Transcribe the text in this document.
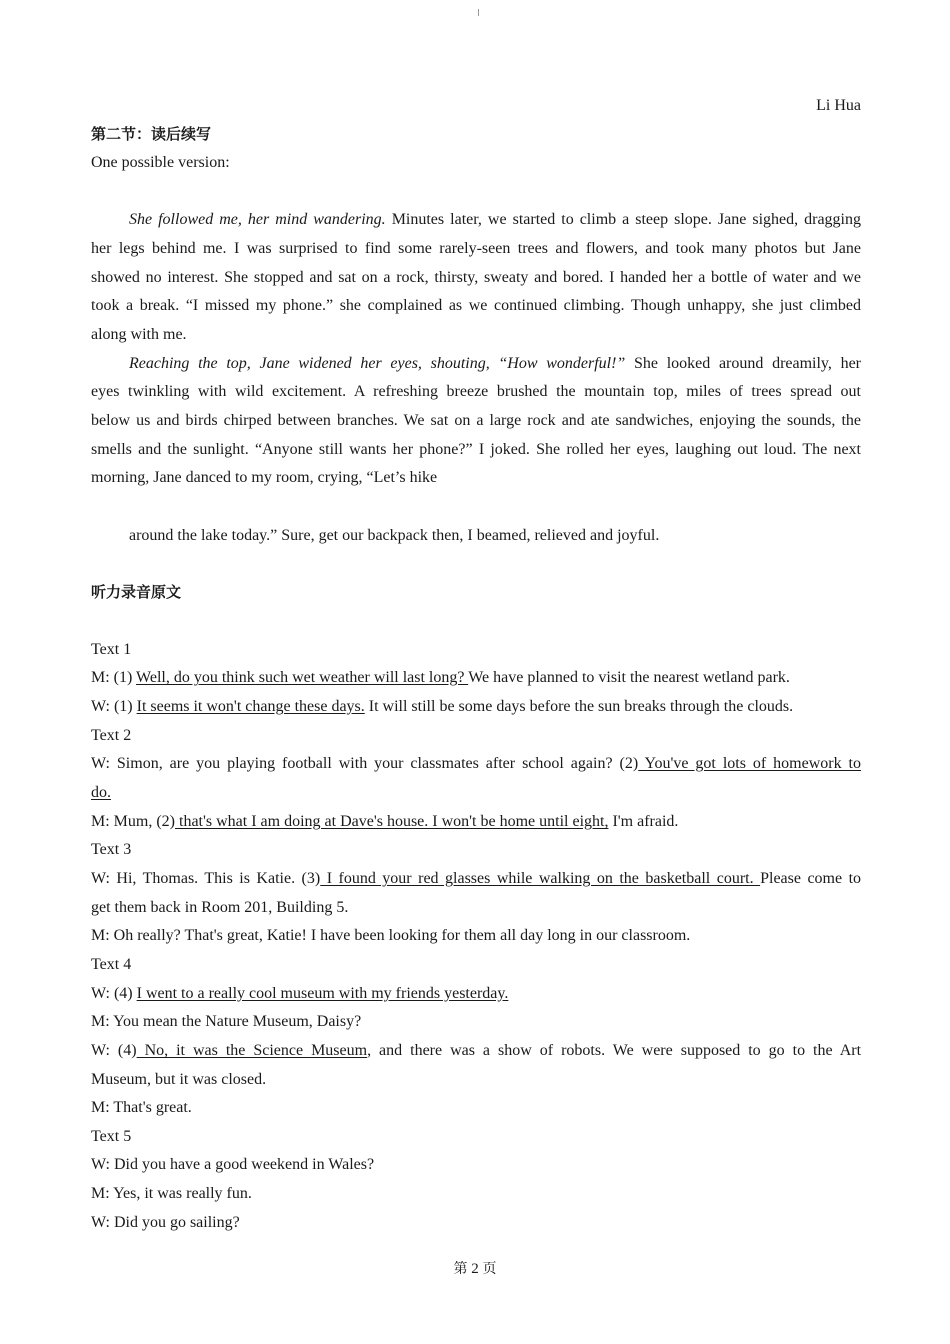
Li Hua
第二节：读后续写
One possible version:
She followed me, her mind wandering. Minutes later, we started to climb a steep slope. Jane sighed, dragging
her legs behind me. I was surprised to find some rarely-seen trees and flowers, and took many photos but Jane
showed no interest. She stopped and sat on a rock, thirsty, sweaty and bored. I handed her a bottle of water and we
took a break. “I missed my phone.” she complained as we continued climbing. Though unhappy, she just climbed
along with me.
Reaching the top, Jane widened her eyes, shouting, “How wonderful!” She looked around dreamily, her
eyes twinkling with wild excitement. A refreshing breeze brushed the mountain top, miles of trees spread out
below us and birds chirped between branches. We sat on a large rock and ate sandwiches, enjoying the sounds, the
smells and the sunlight. “Anyone still wants her phone?” I joked. She rolled her eyes, laughing out loud. The next
morning, Jane danced to my room, crying, “Let’s hike
around the lake today.” Sure, get our backpack then, I beamed, relieved and joyful.
听力录音原文
Text 1
M: (1) Well, do you think such wet weather will last long? We have planned to visit the nearest wetland park.
W: (1) It seems it won't change these days. It will still be some days before the sun breaks through the clouds.
Text 2
W: Simon, are you playing football with your classmates after school again? (2) You've got lots of homework to
do.
M: Mum, (2) that's what I am doing at Dave's house. I won't be home until eight, I'm afraid.
Text 3
W: Hi, Thomas. This is Katie. (3) I found your red glasses while walking on the basketball court. Please come to
get them back in Room 201, Building 5.
M: Oh really? That's great, Katie! I have been looking for them all day long in our classroom.
Text 4
W: (4) I went to a really cool museum with my friends yesterday.
M: You mean the Nature Museum, Daisy?
W: (4) No, it was the Science Museum, and there was a show of robots. We were supposed to go to the Art
Museum, but it was closed.
M: That's great.
Text 5
W: Did you have a good weekend in Wales?
M: Yes, it was really fun.
W: Did you go sailing?
第 2 页
